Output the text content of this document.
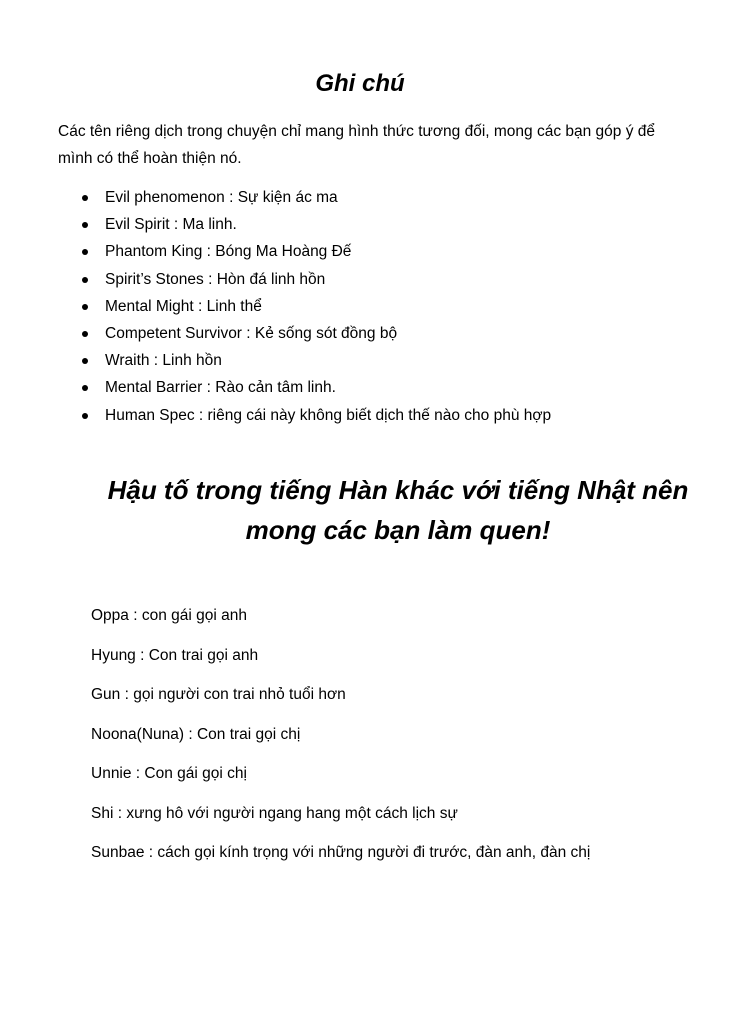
Ghi chú
Các tên riêng dịch trong chuyện chỉ mang hình thức tương đối, mong các bạn góp ý để mình có thể hoàn thiện nó.
Evil phenomenon : Sự kiện ác ma
Evil Spirit : Ma linh.
Phantom King : Bóng Ma Hoàng Đế
Spirit’s Stones : Hòn đá linh hồn
Mental Might : Linh thể
Competent Survivor : Kẻ sống sót đồng bộ
Wraith : Linh hồn
Mental Barrier : Rào cản tâm linh.
Human Spec : riêng cái này không biết dịch thế nào cho phù hợp
Hậu tố trong tiếng Hàn khác với tiếng Nhật nên
mong các bạn làm quen!
Oppa : con gái gọi anh
Hyung : Con trai gọi anh
Gun : gọi người con trai nhỏ tuổi hơn
Noona(Nuna) : Con trai gọi chị
Unnie : Con gái gọi chị
Shi : xưng hô với người ngang hang một cách lịch sự
Sunbae : cách gọi kính trọng với những người đi trước, đàn anh, đàn chị
